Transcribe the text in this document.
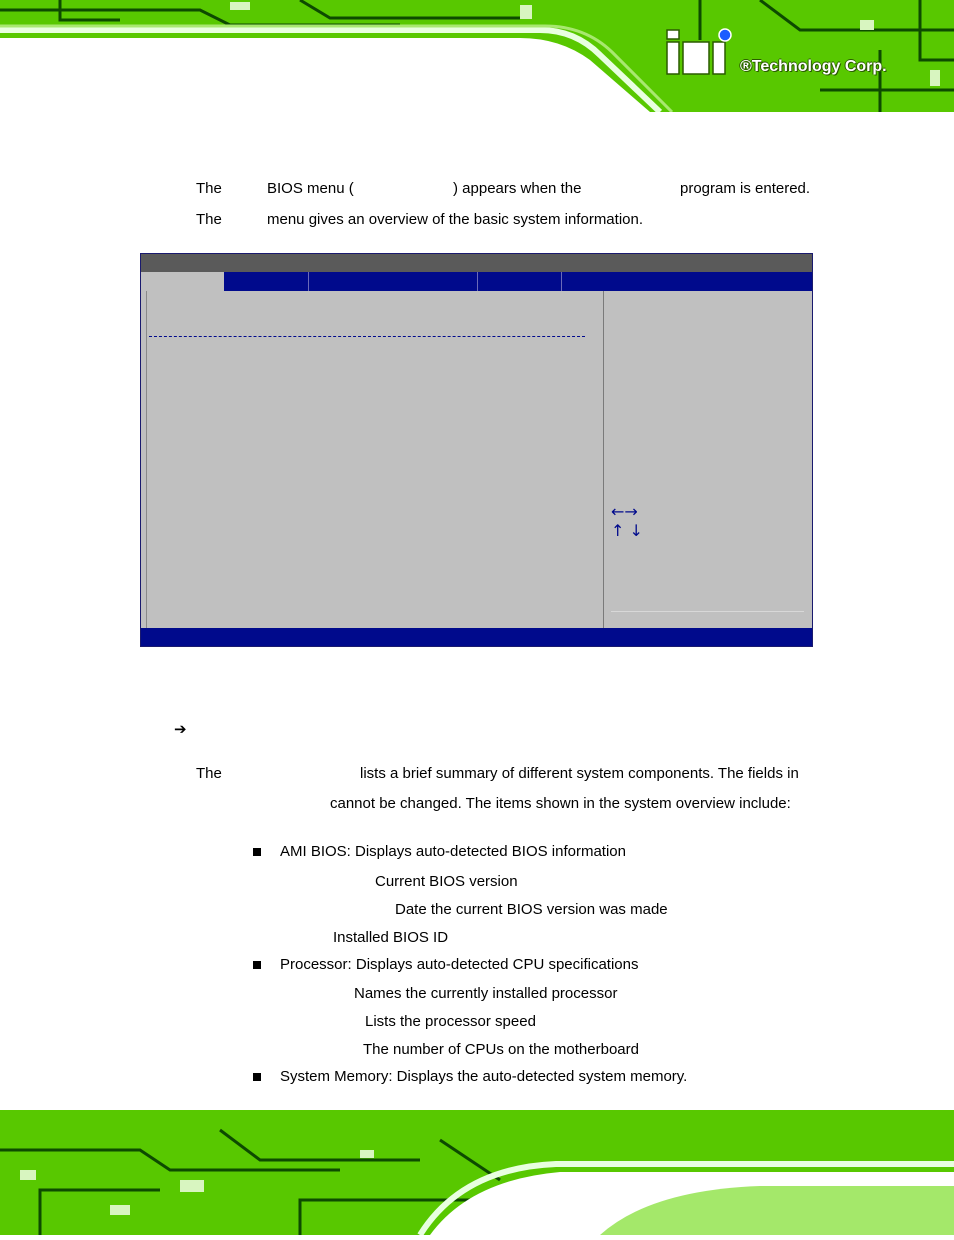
®Technology Corp.
The	BIOS menu (	) appears when the	program is entered.
The	menu gives an overview of the basic system information.
←→
↑ ↓
➔
The	lists a brief summary of different system components. The fields in
cannot be changed. The items shown in the system overview include:
AMI BIOS: Displays auto-detected BIOS information
Current BIOS version
Date the current BIOS version was made
Installed BIOS ID
Processor: Displays auto-detected CPU specifications
Names the currently installed processor
Lists the processor speed
The number of CPUs on the motherboard
System Memory: Displays the auto-detected system memory.
